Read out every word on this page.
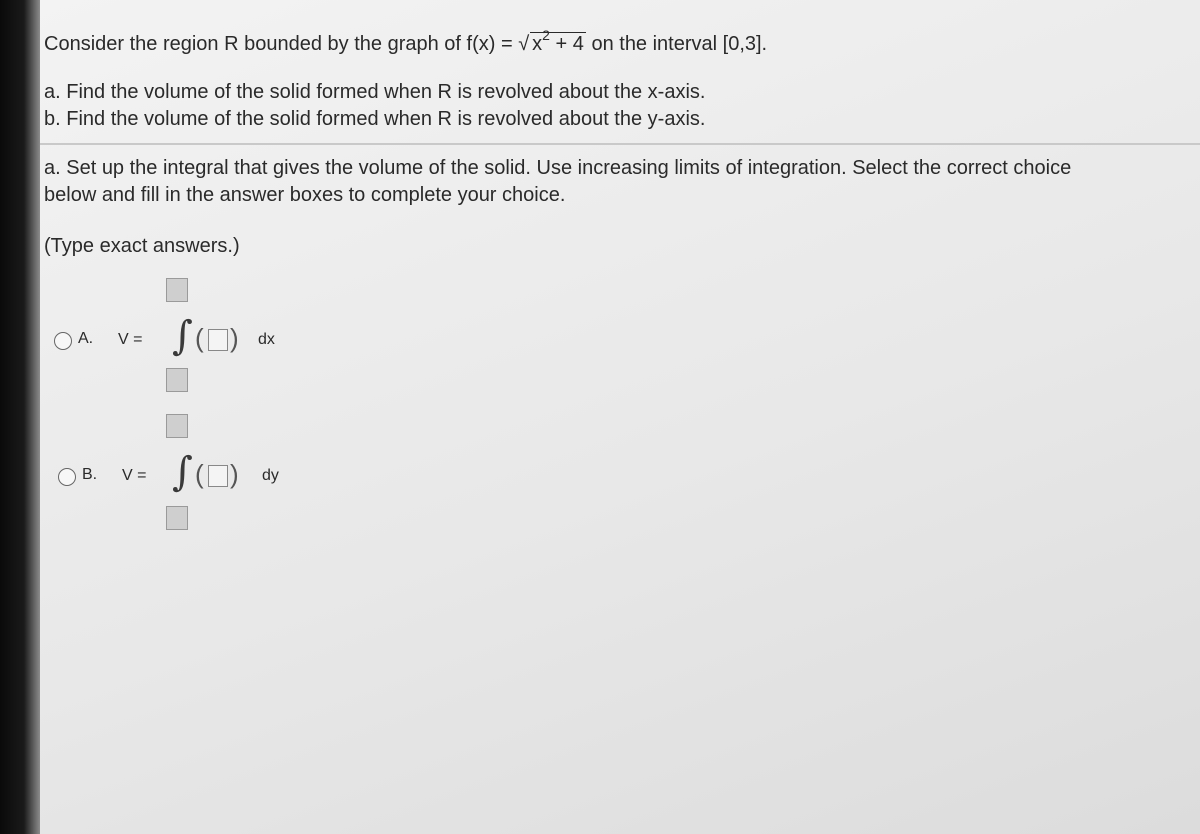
Consider the region R bounded by the graph of f(x) = √ $x^2 + 4$ on the interval [0,3].
a. Find the volume of the solid formed when R is revolved about the x-axis.
b. Find the volume of the solid formed when R is revolved about the y-axis.
a. Set up the integral that gives the volume of the solid. Use increasing limits of integration. Select the correct choice
below and fill in the answer boxes to complete your choice.
(Type exact answers.)
A. V = ∫ ( ) dx
B. V = ∫ ( ) dy
